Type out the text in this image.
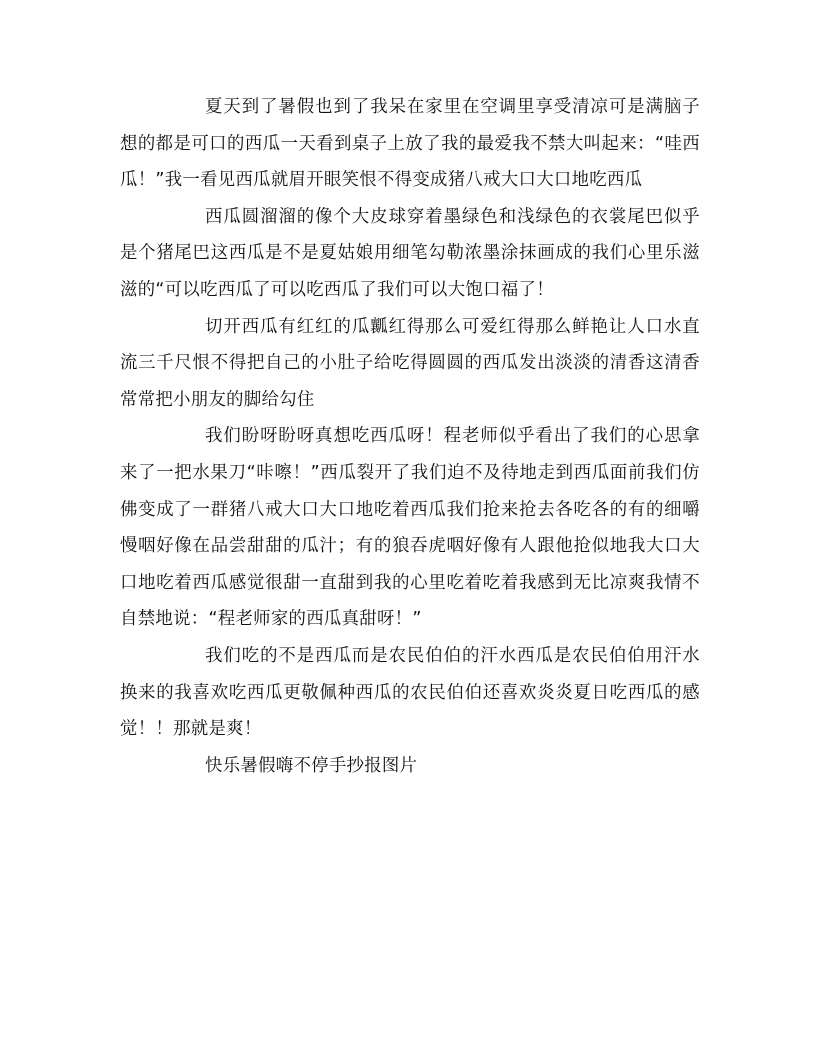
夏天到了暑假也到了我呆在家里在空调里享受清凉可是满脑子想的都是可口的西瓜一天看到桌子上放了我的最爱我不禁大叫起来：“哇西瓜！”我一看见西瓜就眉开眼笑恨不得变成猪八戒大口大口地吃西瓜

西瓜圆溜溜的像个大皮球穿着墨绿色和浅绿色的衣裳尾巴似乎是个猪尾巴这西瓜是不是夏姑娘用细笔勾勒浓墨涂抹画成的我们心里乐滋滋的“可以吃西瓜了可以吃西瓜了我们可以大饱口福了！

切开西瓜有红红的瓜瓤红得那么可爱红得那么鲜艳让人口水直流三千尺恨不得把自己的小肚子给吃得圆圆的西瓜发出淡淡的清香这清香常常把小朋友的脚给勾住

我们盼呀盼呀真想吃西瓜呀！程老师似乎看出了我们的心思拿来了一把水果刀“咔嚓！”西瓜裂开了我们迫不及待地走到西瓜面前我们仿佛变成了一群猪八戒大口大口地吃着西瓜我们抢来抢去各吃各的有的细嚼慢咽好像在品尝甜甜的瓜汁；有的狼吞虎咽好像有人跟他抢似地我大口大口地吃着西瓜感觉很甜一直甜到我的心里吃着吃着我感到无比凉爽我情不自禁地说：“程老师家的西瓜真甜呀！”

我们吃的不是西瓜而是农民伯伯的汗水西瓜是农民伯伯用汗水换来的我喜欢吃西瓜更敬佩种西瓜的农民伯伯还喜欢炎炎夏日吃西瓜的感觉！！那就是爽！

快乐暑假嗨不停手抄报图片
